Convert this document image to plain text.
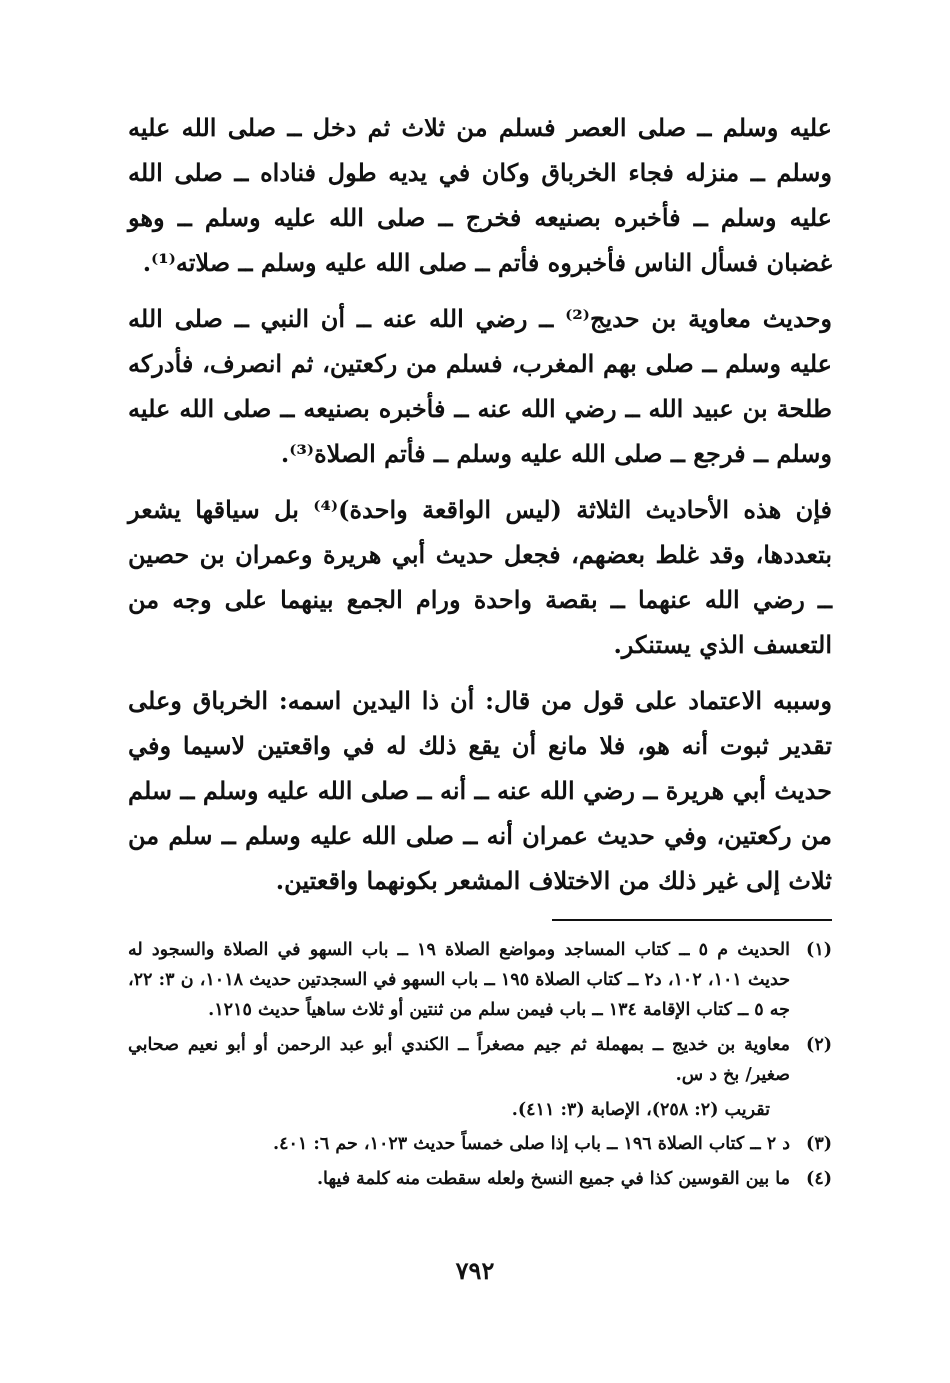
عليه وسلم ــ صلى العصر فسلم من ثلاث ثم دخل ــ صلى الله عليه وسلم ــ منزله فجاء الخرباق وكان في يديه طول فناداه ــ صلى الله عليه وسلم ــ فأخبره بصنيعه فخرج ــ صلى الله عليه وسلم ــ وهو غضبان فسأل الناس فأخبروه فأتم ــ صلى الله عليه وسلم ــ صلاته⁽¹⁾.

وحديث معاوية بن حديج⁽²⁾ ــ رضي الله عنه ــ أن النبي ــ صلى الله عليه وسلم ــ صلى بهم المغرب، فسلم من ركعتين، ثم انصرف، فأدركه طلحة بن عبيد الله ــ رضي الله عنه ــ فأخبره بصنيعه ــ صلى الله عليه وسلم ــ فرجع ــ صلى الله عليه وسلم ــ فأتم الصلاة⁽³⁾.

فإن هذه الأحاديث الثلاثة (ليس الواقعة واحدة)⁽⁴⁾ بل سياقها يشعر بتعددها، وقد غلط بعضهم، فجعل حديث أبي هريرة وعمران بن حصين ــ رضي الله عنهما ــ بقصة واحدة ورام الجمع بينهما على وجه من التعسف الذي يستنكر.

وسببه الاعتماد على قول من قال: أن ذا اليدين اسمه: الخرباق وعلى تقدير ثبوت أنه هو، فلا مانع أن يقع ذلك له في واقعتين لاسيما وفي حديث أبي هريرة ــ رضي الله عنه ــ أنه ــ صلى الله عليه وسلم ــ سلم من ركعتين، وفي حديث عمران أنه ــ صلى الله عليه وسلم ــ سلم من ثلاث إلى غير ذلك من الاختلاف المشعر بكونهما واقعتين.

(١)
الحديث م ٥ ــ كتاب المساجد ومواضع الصلاة ١٩ ــ باب السهو في الصلاة والسجود له حديث ١٠١، ١٠٢، د٢ ــ كتاب الصلاة ١٩٥ ــ باب السهو في السجدتين حديث ١٠١٨، ن ٣: ٢٢، جه ٥ ــ كتاب الإقامة ١٣٤ ــ باب فيمن سلم من ثنتين أو ثلاث ساهياً حديث ١٢١٥.
(٢)
معاوية بن خديج ــ بمهملة ثم جيم مصغراً ــ الكندي أبو عبد الرحمن أو أبو نعيم صحابي صغير/ بخ د س.
تقريب (٢: ٢٥٨)، الإصابة (٣: ٤١١).
(٣)
د ٢ ــ كتاب الصلاة ١٩٦ ــ باب إذا صلى خمساً حديث ١٠٢٣، حم ٦: ٤٠١.
(٤)
ما بين القوسين كذا في جميع النسخ ولعله سقطت منه كلمة فيها.
٧٩٢
